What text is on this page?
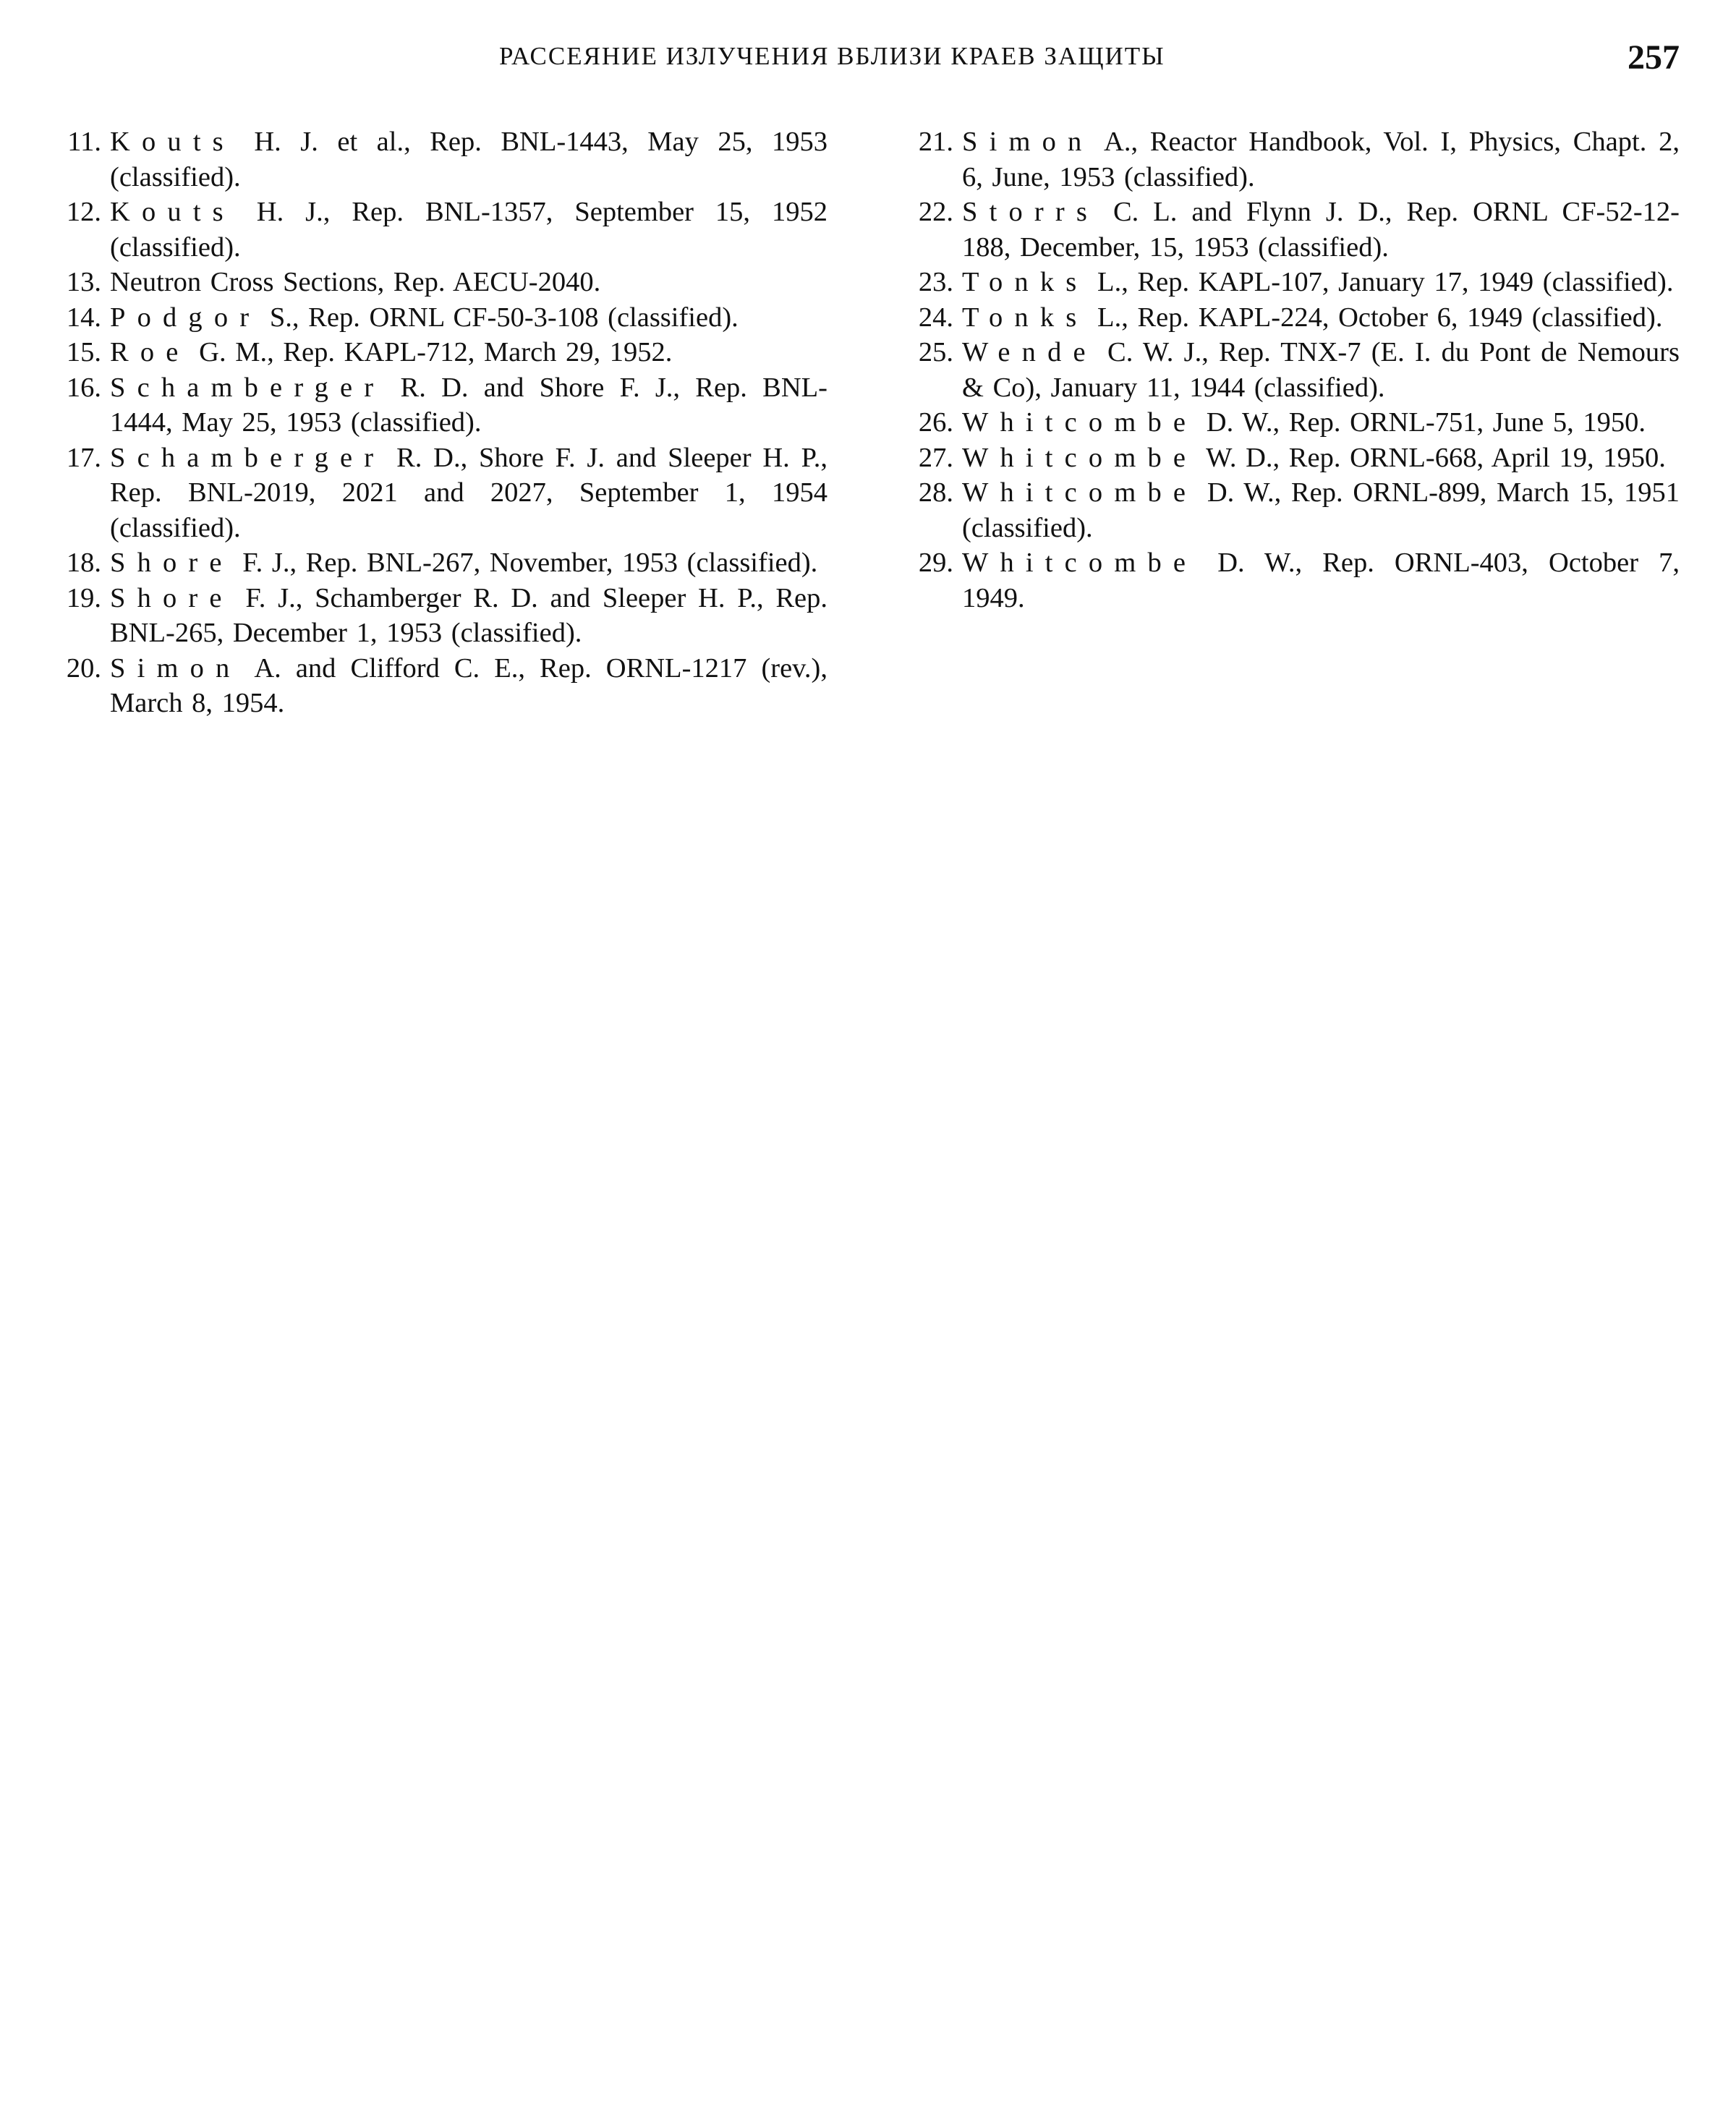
РАССЕЯНИЕ ИЗЛУЧЕНИЯ ВБЛИЗИ КРАЕВ ЗАЩИТЫ	257
11. Kouts H. J. et al., Rep. BNL-1443, May 25, 1953 (classified).
12. Kouts H. J., Rep. BNL-1357, September 15, 1952 (classified).
13. Neutron Cross Sections, Rep. AECU-2040.
14. Podgor S., Rep. ORNL CF-50-3-108 (classified).
15. Roe G. M., Rep. KAPL-712, March 29, 1952.
16. Schamberger R. D. and Shore F. J., Rep. BNL-1444, May 25, 1953 (classified).
17. Schamberger R. D., Shore F. J. and Sleeper H. P., Rep. BNL-2019, 2021 and 2027, September 1, 1954 (classified).
18. Shore F. J., Rep. BNL-267, November, 1953 (classified).
19. Shore F. J., Schamberger R. D. and Sleeper H. P., Rep. BNL-265, December 1, 1953 (classified).
20. Simon A. and Clifford C. E., Rep. ORNL-1217 (rev.), March 8, 1954.
21. Simon A., Reactor Handbook, Vol. I, Physics, Chapt. 2, 6, June, 1953 (classified).
22. Storrs C. L. and Flynn J. D., Rep. ORNL CF-52-12-188, December, 15, 1953 (classified).
23. Tonks L., Rep. KAPL-107, January 17, 1949 (classified).
24. Tonks L., Rep. KAPL-224, October 6, 1949 (classified).
25. Wende C. W. J., Rep. TNX-7 (E. I. du Pont de Nemours & Co), January 11, 1944 (classified).
26. Whitcombe D. W., Rep. ORNL-751, June 5, 1950.
27. Whitcombe W. D., Rep. ORNL-668, April 19, 1950.
28. Whitcombe D. W., Rep. ORNL-899, March 15, 1951 (classified).
29. Whitcombe D. W., Rep. ORNL-403, October 7, 1949.
